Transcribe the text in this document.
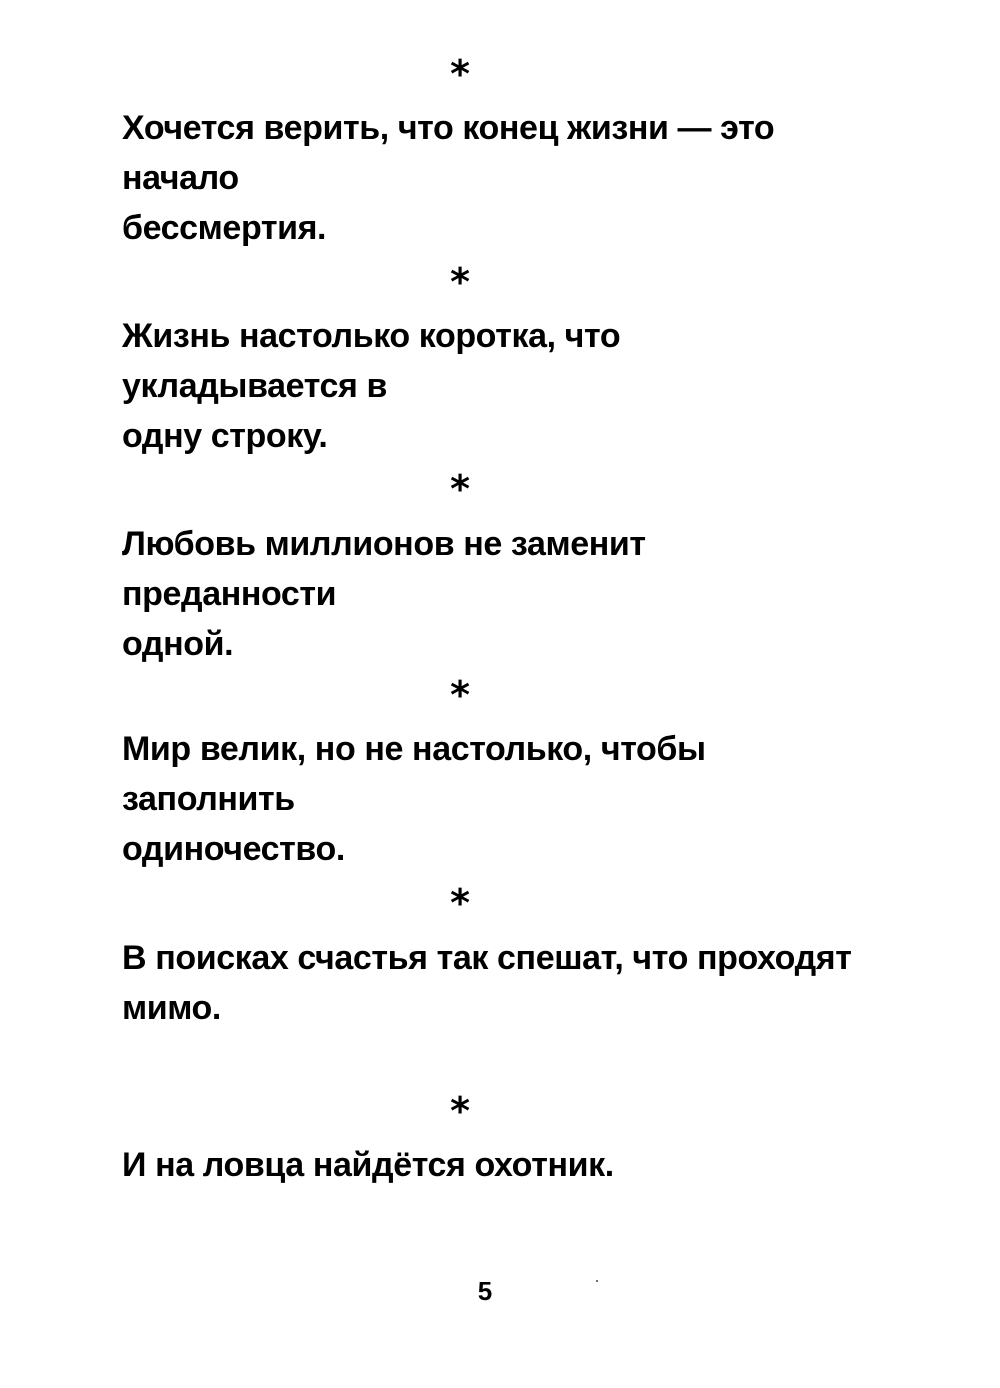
*

Хочется верить, что конец жизни — это начало
бессмертия.

*

Жизнь настолько коротка, что укладывается в
одну строку.

*

Любовь миллионов не заменит преданности
одной.

*

Мир велик, но не настолько, чтобы заполнить
одиночество.

*

В поисках счастья так спешат, что проходят
мимо.

*

И на ловца найдётся охотник.

5
